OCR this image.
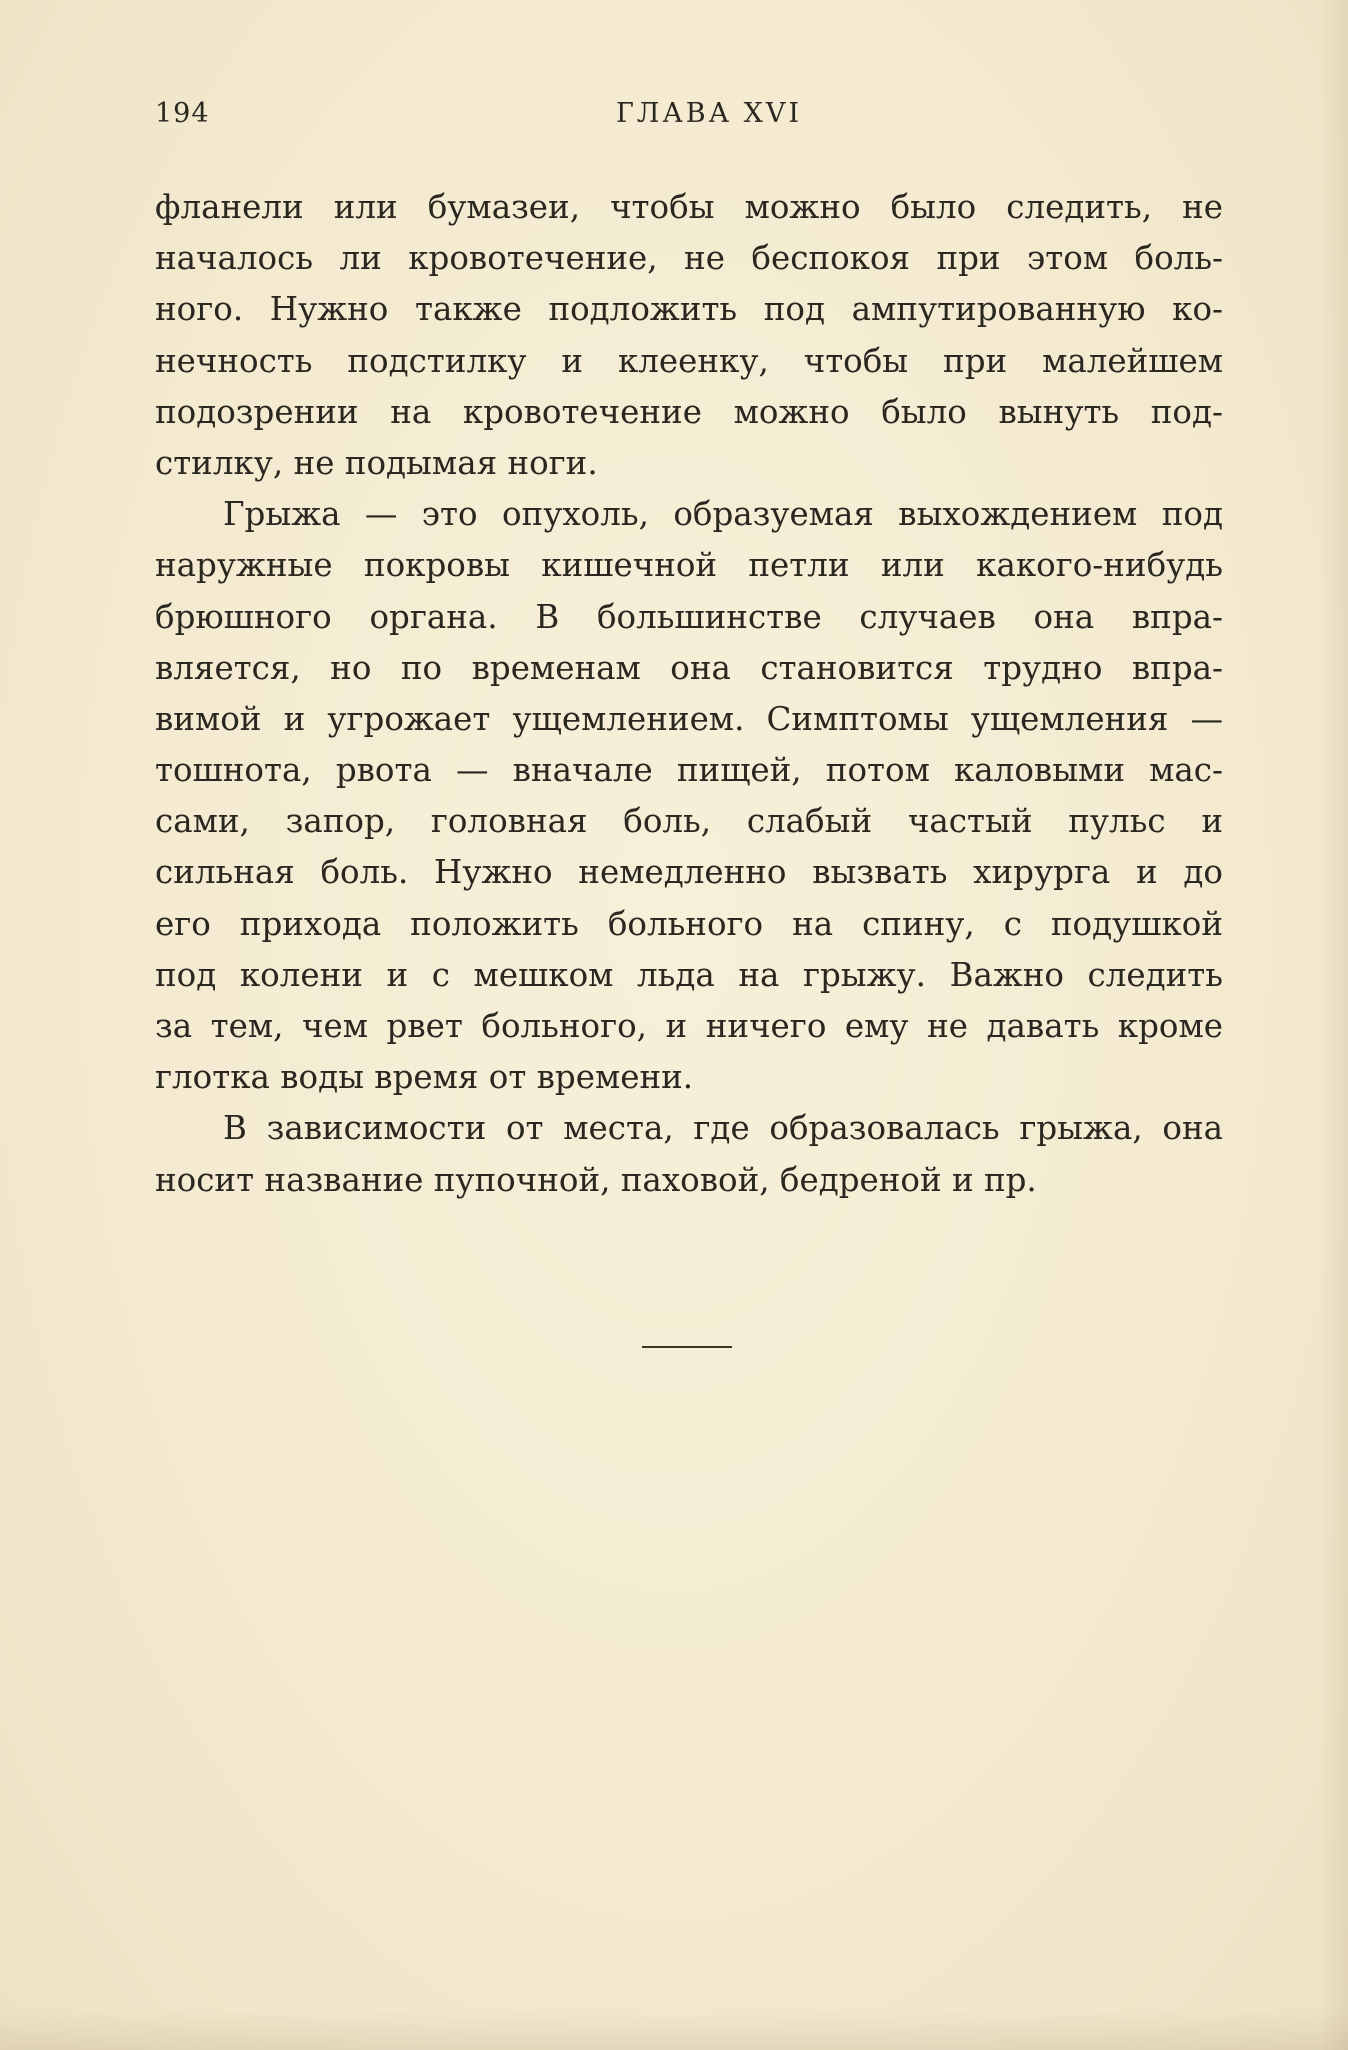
194	ГЛАВА XVI
фланели или бумазеи, чтобы можно было следить, не
началось ли кровотечение, не беспокоя при этом боль-
ного. Нужно также подложить под ампутированную ко-
нечность подстилку и клеенку, чтобы при малейшем
подозрении на кровотечение можно было вынуть под-
стилку, не подымая ноги.
Грыжа — это опухоль, образуемая выхождением под
наружные покровы кишечной петли или какого-нибудь
брюшного органа. В большинстве случаев она впра-
вляется, но по временам она становится трудно впра-
вимой и угрожает ущемлением. Симптомы ущемления —
тошнота, рвота — вначале пищей, потом каловыми мас-
сами, запор, головная боль, слабый частый пульс и
сильная боль. Нужно немедленно вызвать хирурга и до
его прихода положить больного на спину, с подушкой
под колени и с мешком льда на грыжу. Важно следить
за тем, чем рвет больного, и ничего ему не давать кроме
глотка воды время от времени.
В зависимости от места, где образовалась грыжа, она
носит название пупочной, паховой, бедреной и пр.
